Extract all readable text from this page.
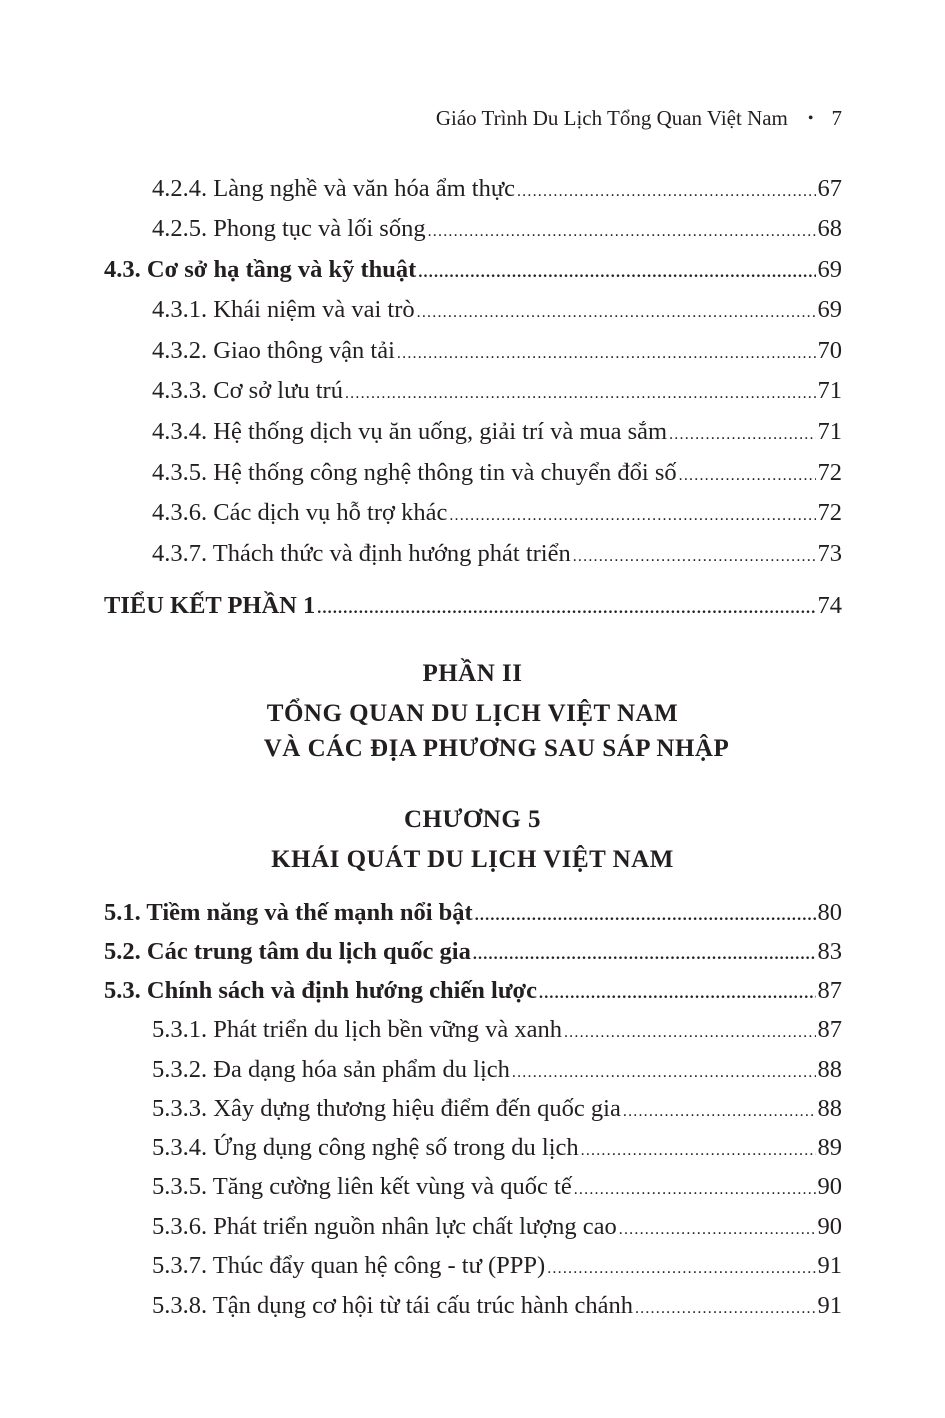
Giáo Trình Du Lịch Tổng Quan Việt Nam • 7
4.2.4. Làng nghề và văn hóa ẩm thực .....	67
4.2.5. Phong tục và lối sống .....	68
4.3. Cơ sở hạ tầng và kỹ thuật .....	69
4.3.1. Khái niệm và vai trò .....	69
4.3.2. Giao thông vận tải .....	70
4.3.3. Cơ sở lưu trú .....	71
4.3.4. Hệ thống dịch vụ ăn uống, giải trí và mua sắm .....	71
4.3.5. Hệ thống công nghệ thông tin và chuyển đổi số .....	72
4.3.6. Các dịch vụ hỗ trợ khác .....	72
4.3.7. Thách thức và định hướng phát triển .....	73
TIỂU KẾT PHẦN 1 .....	74
PHẦN II
TỔNG QUAN DU LỊCH VIỆT NAM
VÀ CÁC ĐỊA PHƯƠNG SAU SÁP NHẬP
CHƯƠNG 5
KHÁI QUÁT DU LỊCH VIỆT NAM
5.1. Tiềm năng và thế mạnh nổi bật .....	80
5.2. Các trung tâm du lịch quốc gia .....	83
5.3. Chính sách và định hướng chiến lược .....	87
5.3.1. Phát triển du lịch bền vững và xanh .....	87
5.3.2. Đa dạng hóa sản phẩm du lịch .....	88
5.3.3. Xây dựng thương hiệu điểm đến quốc gia .....	88
5.3.4. Ứng dụng công nghệ số trong du lịch .....	89
5.3.5. Tăng cường liên kết vùng và quốc tế .....	90
5.3.6. Phát triển nguồn nhân lực chất lượng cao .....	90
5.3.7. Thúc đẩy quan hệ công - tư (PPP) .....	91
5.3.8. Tận dụng cơ hội từ tái cấu trúc hành chánh .....	91
